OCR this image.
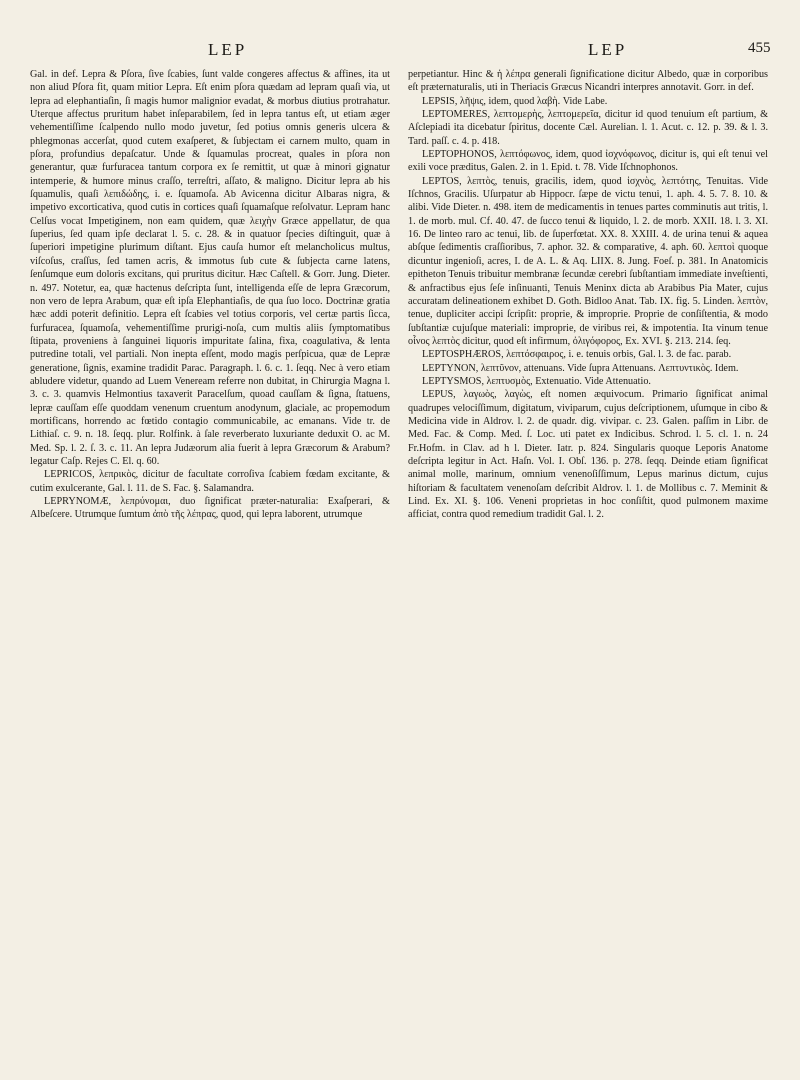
LEP	LEP	455

Gal. in def. Lepra & Pſora, ſive ſcabies, ſunt valde congeres affectus & affines, ita ut non aliud Pſora fit, quam mitior Lepra. Eſt enim pſora quædam ad lepram quaſi via, ut lepra ad elephantiaſin, ſi magis humor malignior evadat, & morbus diutius protrahatur. Uterque affectus pruritum habet inſeparabilem, ſed in lepra tantus eſt, ut etiam æger vehementiſſime ſcalpendo nullo modo juvetur, ſed potius omnis generis ulcera & phlegmonas accerſat, quod cutem exaſperet, & ſubjectam ei carnem multo, quam in pſora, profundius depaſcatur. Unde & ſquamulas procreat, quales in pſora non generantur, quæ furfuracea tantum corpora ex ſe remittit, ut quæ à minori gignatur intemperie, & humore minus craſſo, terreſtri, aſſato, & maligno. Dicitur lepra ab his ſquamulis, quaſi λεπιδώδης, i. e. ſquamoſa. Ab Avicenna dicitur Albaras nigra, & impetivo excorticativa, quod cutis in cortices quaſi ſquamaſque reſolvatur. Lepram hanc Celſus vocat Impetiginem, non eam quidem, quæ λειχὴν Græce appellatur, de qua ſuperius, ſed quam ipſe declarat l. 5. c. 28. & in quatuor ſpecies diſtinguit, quæ à ſuperiori impetigine plurimum diſtant. Ejus cauſa humor eſt melancholicus multus, viſcoſus, craſſus, ſed tamen acris, & immotus ſub cute & ſubjecta carne latens, ſenſumque eum doloris excitans, qui pruritus dicitur. Hæc Caſtell. & Gorr. Jung. Dieter. n. 497. Notetur, ea, quæ hactenus deſcripta ſunt, intelligenda eſſe de lepra Græcorum, non vero de lepra Arabum, quæ eſt ipſa Elephantiaſis, de qua ſuo loco. Doctrinæ gratia hæc addi poterit definitio. Lepra eſt ſcabies vel totius corporis, vel certæ partis ſicca, furfuracea, ſquamoſa, vehementiſſime prurigi-noſa, cum multis aliis ſymptomatibus ſtipata, proveniens à ſanguinei liquoris impuritate ſalina, fixa, coagulativa, & lenta putredine totali, vel partiali. Non inepta eſſent, modo magis perſpicua, quæ de Lepræ generatione, ſignis, examine tradidit Parac. Paragraph. l. 6. c. 1. ſeqq. Nec à vero etiam abludere videtur, quando ad Luem Veneream referre non dubitat, in Chirurgia Magna l. 3. c. 3. quamvis Helmontius taxaverit Paracelſum, quoad cauſſam & ſigna, ſtatuens, lepræ cauſſam eſſe quoddam venenum cruentum anodynum, glaciale, ac propemodum mortificans, horrendo ac fœtido contagio communicabile, ac emanans. Vide tr. de Lithiaſ. c. 9. n. 18. ſeqq. plur. Rolfink. à ſale reverberato luxuriante deduxit O. ac M. Med. Sp. l. 2. ſ. 3. c. 11. An lepra Judæorum alia fuerit à lepra Græcorum & Arabum? legatur Caſp. Rejes C. El. q. 60.

LEPRICOS, λεπρικὸς, dicitur de facultate corroſiva ſcabiem fœdam excitante, & cutim exulcerante, Gal. l. 11. de S. Fac. §. Salamandra.

LEPRYNOMÆ, λεπρύνομαι, duo ſignificat præter-naturalia: Exaſperari, & Albeſcere. Utrumque ſumtum ἀπὸ τῆς λέπρας, quod, qui lepra laborent, utrumque

perpetiantur. Hinc & ἡ λέπρα generali ſignificatione dicitur Albedo, quæ in corporibus eſt præternaturalis, uti in Theriacis Græcus Nicandri interpres annotavit. Gorr. in def.

LEPSIS, λῆψις, idem, quod λαβὴ. Vide Labe.

LEPTOMERES, λεπτομερὴς, λεπτομερεῖα, dicitur id quod tenuium eſt partium, & Aſclepiadi ita dicebatur ſpiritus, docente Cæl. Aurelian. l. 1. Acut. c. 12. p. 39. & l. 3. Tard. paſſ. c. 4. p. 418.

LEPTOPHONOS, λεπτόφωνος, idem, quod ἰσχνόφωνος, dicitur is, qui eſt tenui vel exili voce præditus, Galen. 2. in 1. Epid. t. 78. Vide Iſchnophonos.

LEPTOS, λεπτὸς, tenuis, gracilis, idem, quod ἰσχνὸς, λεπτότης, Tenuitas. Vide Iſchnos, Gracilis. Uſurpatur ab Hippocr. ſæpe de victu tenui, 1. aph. 4. 5. 7. 8. 10. & alibi. Vide Dieter. n. 498. item de medicamentis in tenues partes comminutis aut tritis, l. 1. de morb. mul. Cf. 40. 47. de ſucco tenui & liquido, l. 2. de morb. XXII. 18. l. 3. XI. 16. De linteo raro ac tenui, lib. de ſuperfœtat. XX. 8. XXIII. 4. de urina tenui & aquea abſque ſedimentis craſſioribus, 7. aphor. 32. & comparative, 4. aph. 60. λεπτοὶ quoque dicuntur ingenioſi, acres, I. de A. L. & Aq. LIIX. 8. Jung. Foeſ. p. 381. In Anatomicis epitheton Tenuis tribuitur membranæ ſecundæ cerebri ſubſtantiam immediate inveſtienti, & anfractibus ejus ſeſe inſinuanti, Tenuis Meninx dicta ab Arabibus Pia Mater, cujus accuratam delineationem exhibet D. Goth. Bidloo Anat. Tab. IX. fig. 5. Linden. λεπτὸν, tenue, dupliciter accipi ſcripſit: proprie, & improprie. Proprie de conſiſtentia, & modo ſubſtantiæ cujuſque materiali: improprie, de viribus rei, & impotentia. Ita vinum tenue οἶνος λεπτὸς dicitur, quod eſt infirmum, ὀλιγόφορος, Ex. XVI. §. 213. 214. ſeq.

LEPTOSPHÆROS, λεπτόσφαιρος, i. e. tenuis orbis, Gal. l. 3. de fac. parab.

LEPTYNON, λεπτῦνον, attenuans. Vide ſupra Attenuans. Λεπτυντικὸς. Idem.

LEPTYSMOS, λεπτυσμὸς, Extenuatio. Vide Attenuatio.

LEPUS, λαγωὸς, λαγὼς, eſt nomen æquivocum. Primario ſignificat animal quadrupes velociſſimum, digitatum, viviparum, cujus deſcriptionem, uſumque in cibo & Medicina vide in Aldrov. l. 2. de quadr. dig. vivipar. c. 23. Galen. paſſim in Libr. de Med. Fac. & Comp. Med. ſ. Loc. uti patet ex Indicibus. Schrod. l. 5. cl. 1. n. 24 Fr.Hofm. in Clav. ad h l. Dieter. Iatr. p. 824. Singularis quoque Leporis Anatome deſcripta legitur in Act. Haſn. Vol. I. Obſ. 136. p. 278. ſeqq. Deinde etiam ſignificat animal molle, marinum, omnium venenoſiſſimum, Lepus marinus dictum, cujus hiſtoriam & facultatem venenoſam deſcribit Aldrov. l. 1. de Mollibus c. 7. Meminit & Lind. Ex. XI. §. 106. Veneni proprietas in hoc conſiſtit, quod pulmonem maxime afficiat, contra quod remedium tradidit Gal. l. 2.
